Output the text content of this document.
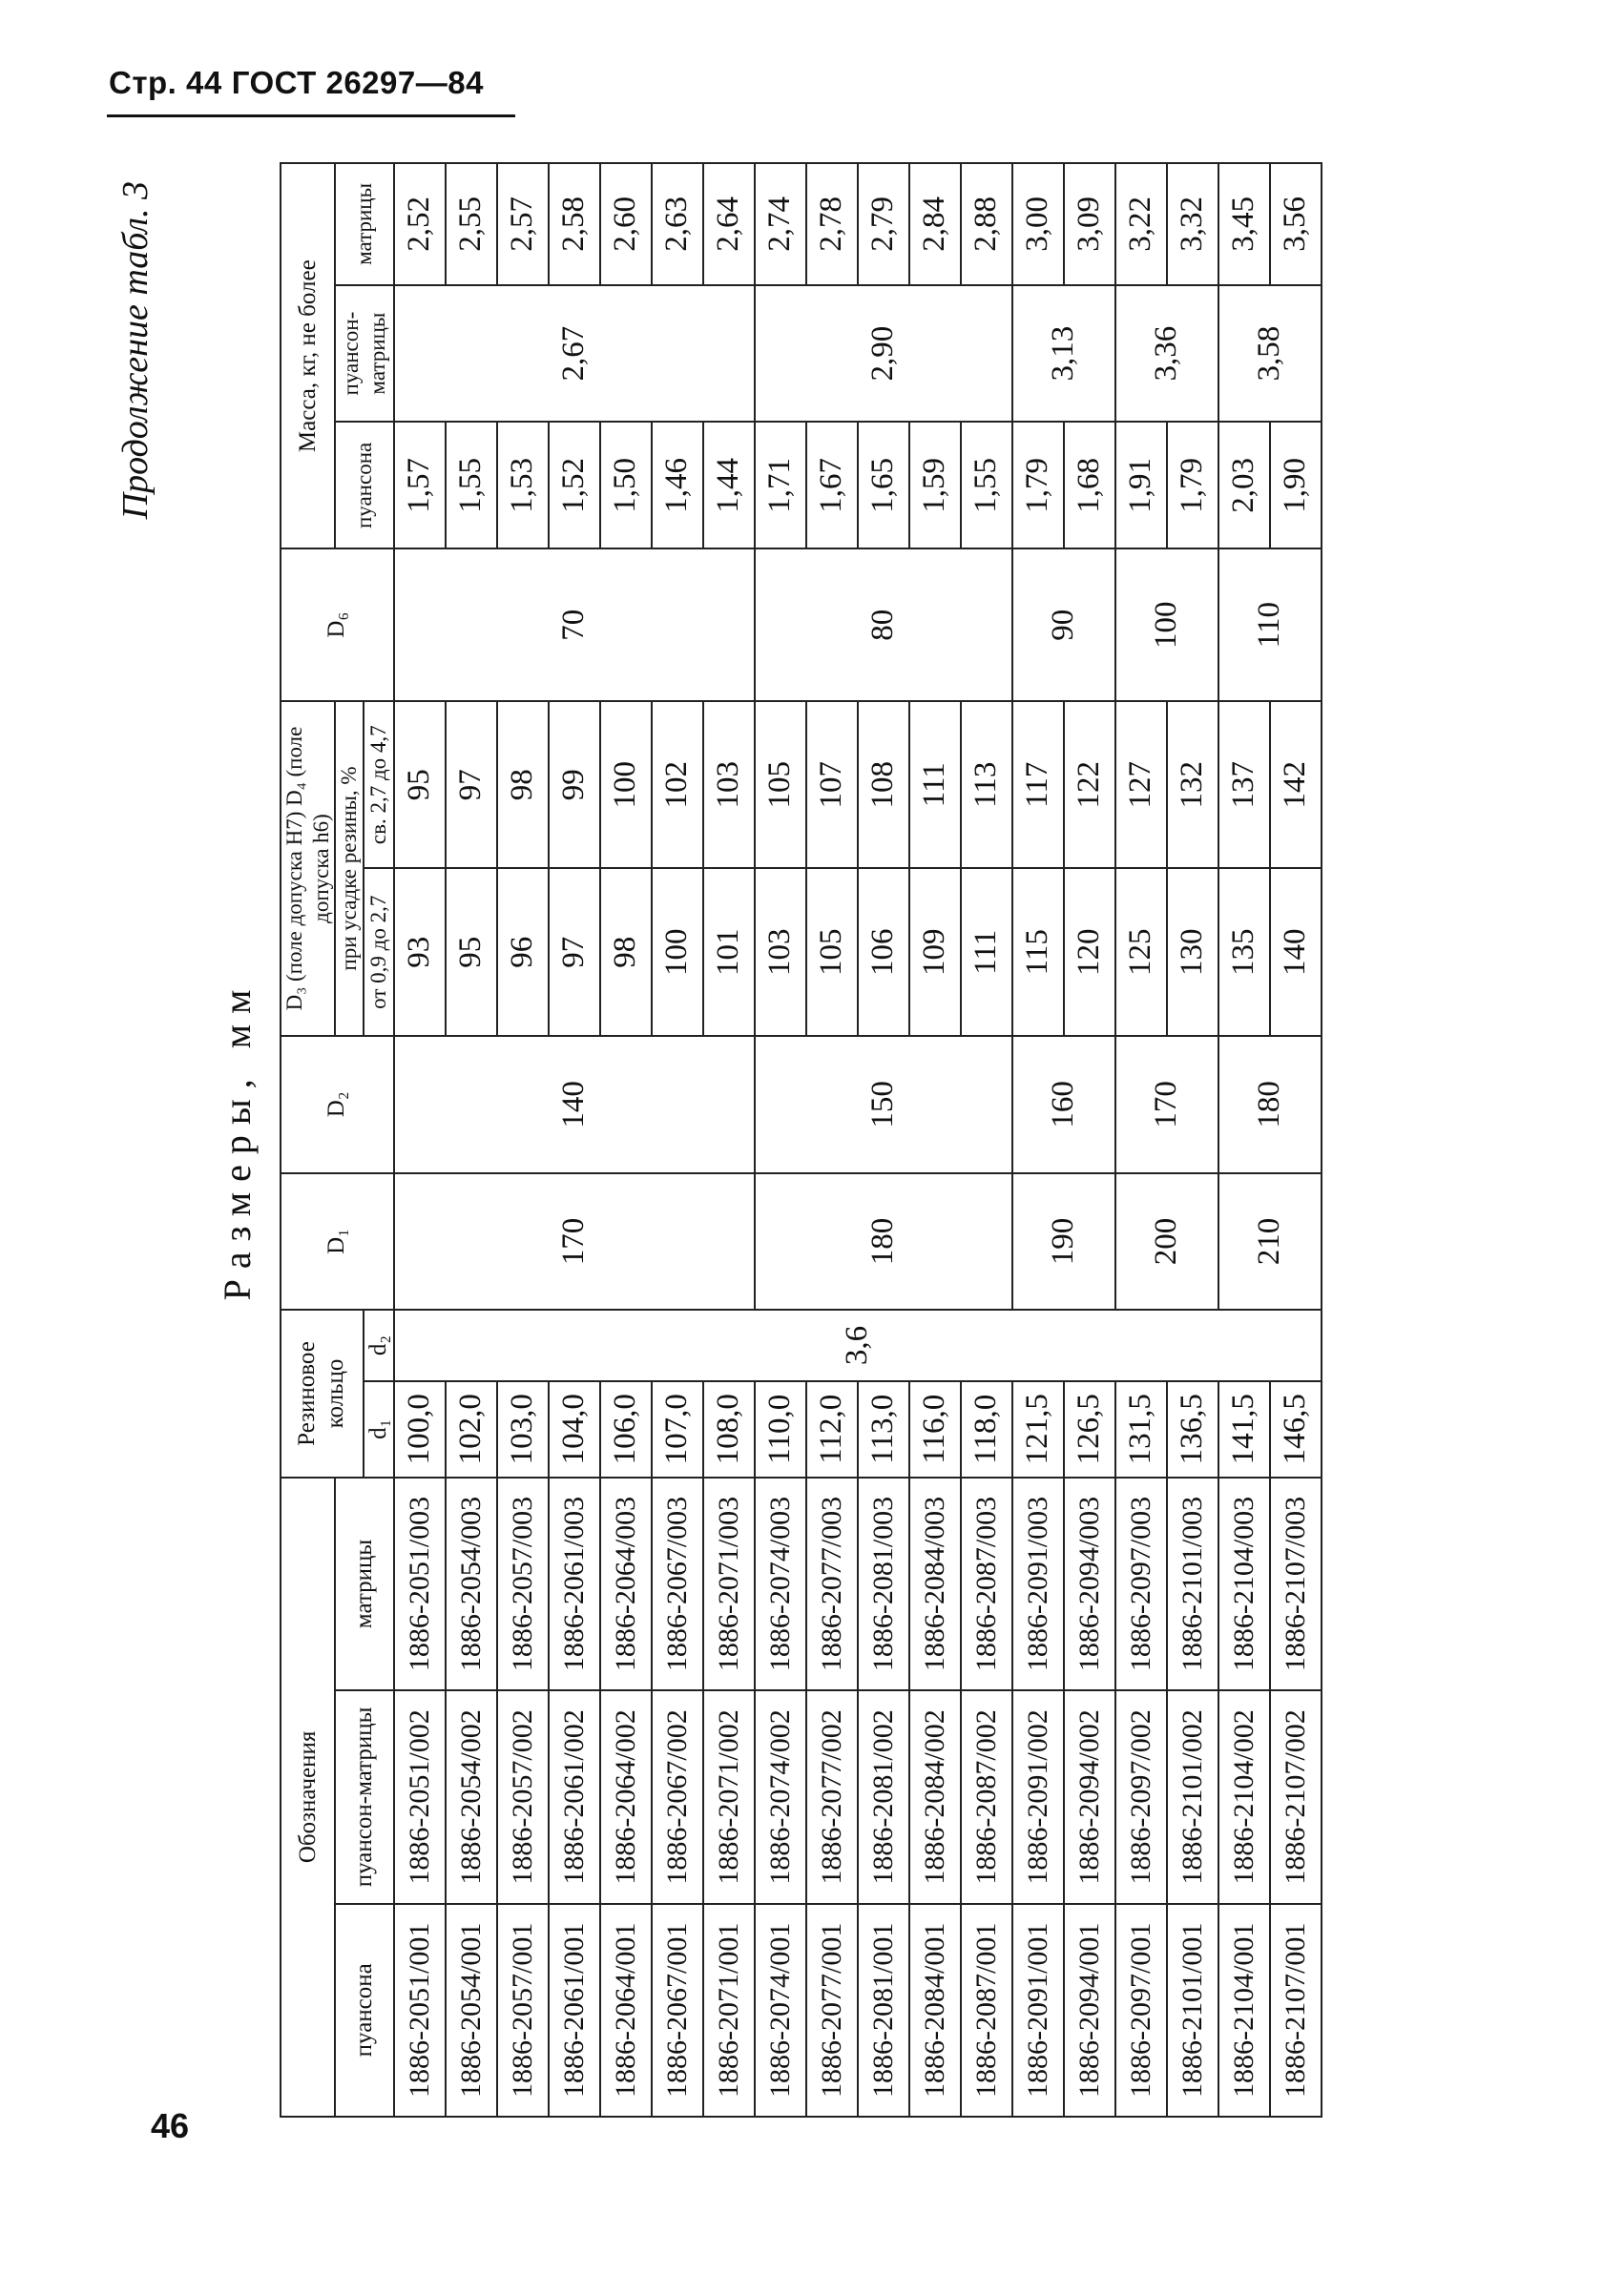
Стр. 44 ГОСТ 26297—84
Продолжение табл. 3
Размеры, мм												
Обозначения			Резиновое кольцо		D₁	D₂	D₃ (поле допуска H7) D₄ (поле допуска h6)		D₆	Масса, кг, не более		
пуансона	пуансон-матрицы	матрицы					при усадке резины, %			пуансона	пуансон-матрицы	матрицы
			d₁	d₂			от 0,9 до 2,7	св. 2,7 до 4,7				

1886-2051/001	1886-2051/002	1886-2051/003	100,0	3,6	170	140	93	95	70	1,57	2,67	2,52
1886-2054/001	1886-2054/002	1886-2054/003	102,0				95	97		1,55		2,55
1886-2057/001	1886-2057/002	1886-2057/003	103,0				96	98		1,53		2,57
1886-2061/001	1886-2061/002	1886-2061/003	104,0				97	99		1,52		2,58
1886-2064/001	1886-2064/002	1886-2064/003	106,0				98	100		1,50		2,60
1886-2067/001	1886-2067/002	1886-2067/003	107,0				100	102		1,46		2,63
1886-2071/001	1886-2071/002	1886-2071/003	108,0				101	103		1,44		2,64
1886-2074/001	1886-2074/002	1886-2074/003	110,0		180	150	103	105	80	1,71	2,90	2,74
1886-2077/001	1886-2077/002	1886-2077/003	112,0				105	107		1,67		2,78
1886-2081/001	1886-2081/002	1886-2081/003	113,0				106	108		1,65		2,79
1886-2084/001	1886-2084/002	1886-2084/003	116,0				109	111		1,59		2,84
1886-2087/001	1886-2087/002	1886-2087/003	118,0				111	113		1,55		2,88
1886-2091/001	1886-2091/002	1886-2091/003	121,5		190	160	115	117	90	1,79	3,13	3,00
1886-2094/001	1886-2094/002	1886-2094/003	126,5				120	122		1,68		3,09
1886-2097/001	1886-2097/002	1886-2097/003	131,5		200	170	125	127	100	1,91	3,36	3,22
1886-2101/001	1886-2101/002	1886-2101/003	136,5				130	132		1,79		3,32
1886-2104/001	1886-2104/002	1886-2104/003	141,5		210	180	135	137	110	2,03	3,58	3,45
1886-2107/001	1886-2107/002	1886-2107/003	146,5				140	142		1,90		3,56
46
